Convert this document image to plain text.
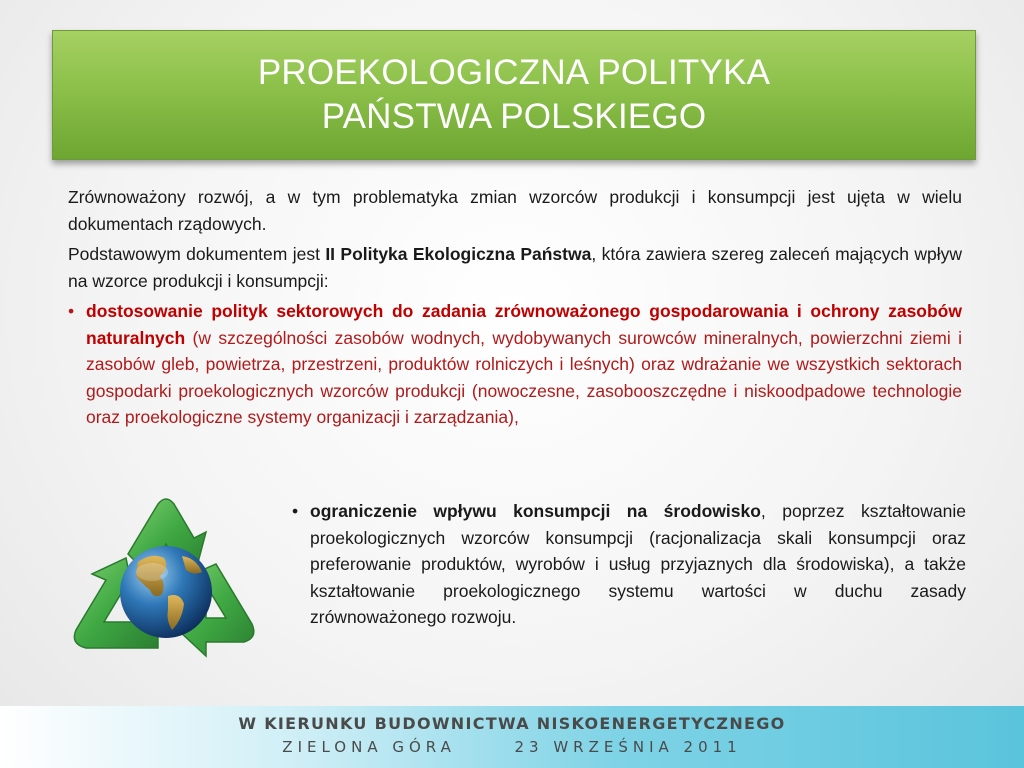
PROEKOLOGICZNA POLITYKA
PAŃSTWA POLSKIEGO

Zrównoważony rozwój, a w tym problematyka zmian wzorców produkcji i konsumpcji jest ujęta w wielu dokumentach rządowych.

Podstawowym dokumentem jest II Polityka Ekologiczna Państwa, która zawiera szereg zaleceń mających wpływ na wzorce produkcji i konsumpcji:

• dostosowanie polityk sektorowych do zadania zrównoważonego gospodarowania i ochrony zasobów naturalnych (w szczególności zasobów wodnych, wydobywanych surowców mineralnych, powierzchni ziemi i zasobów gleb, powietrza, przestrzeni, produktów rolniczych i leśnych) oraz wdrażanie we wszystkich sektorach gospodarki proekologicznych wzorców produkcji (nowoczesne, zasobooszczędne i niskoodpadowe technologie oraz proekologiczne systemy organizacji i zarządzania),
• ograniczenie wpływu konsumpcji na środowisko, poprzez kształtowanie proekologicznych wzorców konsumpcji (racjonalizacja skali konsumpcji oraz preferowanie produktów, wyrobów i usług przyjaznych dla środowiska), a także kształtowanie proekologicznego systemu wartości w duchu zasady zrównoważonego rozwoju.
W KIERUNKU BUDOWNICTWA NISKOENERGETYCZNEGO
ZIELONA GÓRA	23 WRZEŚNIA 2011
